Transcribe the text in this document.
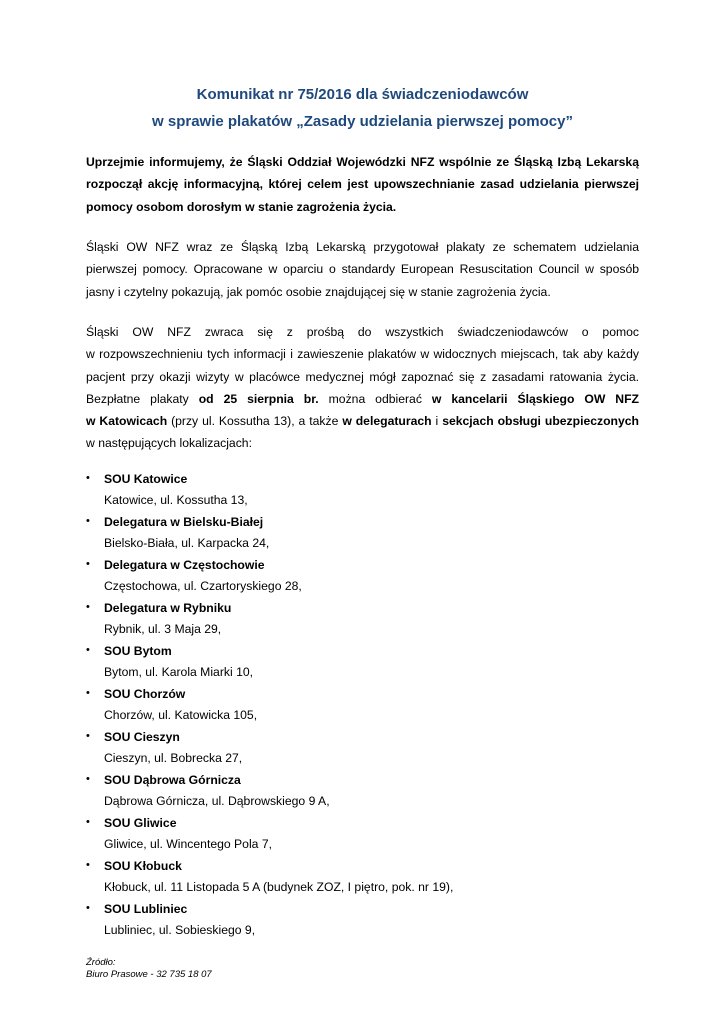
Komunikat nr 75/2016 dla świadczeniodawców
w sprawie plakatów „Zasady udzielania pierwszej pomocy”
Uprzejmie informujemy, że Śląski Oddział Wojewódzki NFZ wspólnie ze Śląską Izbą Lekarską
rozpoczął akcję informacyjną, której celem jest upowszechnianie zasad udzielania pierwszej
pomocy osobom dorosłym w stanie zagrożenia życia.
Śląski OW NFZ wraz ze Śląską Izbą Lekarską przygotował plakaty ze schematem udzielania
pierwszej pomocy. Opracowane w oparciu o standardy European Resuscitation Council w sposób
jasny i czytelny pokazują, jak pomóc osobie znajdującej się w stanie zagrożenia życia.
Śląski OW NFZ zwraca się z prośbą do wszystkich świadczeniodawców o pomoc
w rozpowszechnieniu tych informacji i zawieszenie plakatów w widocznych miejscach, tak aby każdy
pacjent przy okazji wizyty w placówce medycznej mógł zapoznać się z zasadami ratowania życia.
Bezpłatne plakaty od 25 sierpnia br. można odbierać w kancelarii Śląskiego OW NFZ
w Katowicach (przy ul. Kossutha 13), a także w delegaturach i sekcjach obsługi ubezpieczonych
w następujących lokalizacjach:
• SOU Katowice
Katowice, ul. Kossutha 13,
• Delegatura w Bielsku-Białej
Bielsko-Biała, ul. Karpacka 24,
• Delegatura w Częstochowie
Częstochowa, ul. Czartoryskiego 28,
• Delegatura w Rybniku
Rybnik, ul. 3 Maja 29,
• SOU Bytom
Bytom, ul. Karola Miarki 10,
• SOU Chorzów
Chorzów, ul. Katowicka 105,
• SOU Cieszyn
Cieszyn, ul. Bobrecka 27,
• SOU Dąbrowa Górnicza
Dąbrowa Górnicza, ul. Dąbrowskiego 9 A,
• SOU Gliwice
Gliwice, ul. Wincentego Pola 7,
• SOU Kłobuck
Kłobuck, ul. 11 Listopada 5 A (budynek ZOZ, I piętro, pok. nr 19),
• SOU Lubliniec
Lubliniec, ul. Sobieskiego 9,
Źródło:
Biuro Prasowe - 32 735 18 07
